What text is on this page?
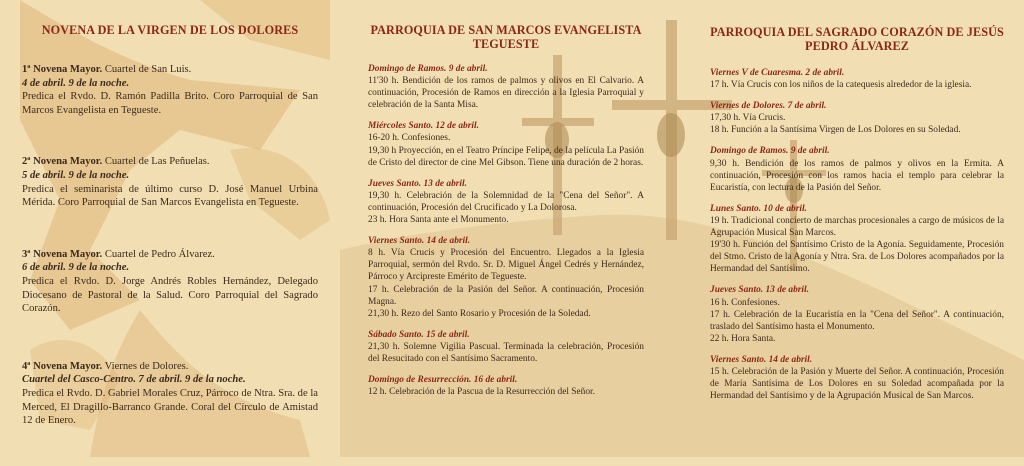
NOVENA DE LA VIRGEN DE LOS DOLORES

1ª Novena Mayor. Cuartel de San Luis.

4 de abril. 9 de la noche.

Predica el Rvdo. D. Ramón Padilla Brito. Coro Parroquial de San Marcos Evangelista en Tegueste.

2ª Novena Mayor. Cuartel de Las Peñuelas.

5 de abril. 9 de la noche.

Predica el seminarista de último curso D. José Manuel Urbina Mérida. Coro Parroquial de San Marcos Evangelista en Tegueste.

3ª Novena Mayor. Cuartel de Pedro Álvarez.

6 de abril. 9 de la noche.

Predica el Rvdo. D. Jorge Andrés Robles Hernández, Delegado Diocesano de Pastoral de la Salud. Coro Parroquial del Sagrado Corazón.

4ª Novena Mayor. Viernes de Dolores.

Cuartel del Casco-Centro. 7 de abril. 9 de la noche.

Predica el Rvdo. D. Gabriel Morales Cruz, Párroco de Ntra. Sra. de la Merced, El Dragillo-Barranco Grande. Coral del Círculo de Amistad 12 de Enero.

PARROQUIA DE SAN MARCOS EVANGELISTA TEGUESTE

Domingo de Ramos. 9 de abril.

11'30 h. Bendición de los ramos de palmos y olivos en El Calvario. A continuación, Procesión de Ramos en dirección a la Iglesia Parroquial y celebración de la Santa Misa.

Miércoles Santo. 12 de abril.

16-20 h. Confesiones.

19,30 h Proyección, en el Teatro Príncipe Felipe, de la película La Pasión de Cristo del director de cine Mel Gibson. Tiene una duración de 2 horas.

Jueves Santo. 13 de abril.

19,30 h. Celebración de la Solemnidad de la "Cena del Señor". A continuación, Procesión del Crucificado y La Dolorosa.

23 h. Hora Santa ante el Monumento.

Viernes Santo. 14 de abril.

8 h. Vía Crucis y Procesión del Encuentro. Llegados a la Iglesia Parroquial, sermón del Rvdo. Sr. D. Miguel Ángel Cedrés y Hernández, Párroco y Arcipreste Emérito de Tegueste.

17 h. Celebración de la Pasión del Señor. A continuación, Procesión Magna.

21,30 h. Rezo del Santo Rosario y Procesión de la Soledad.

Sábado Santo. 15 de abril.

21,30 h. Solemne Vigilia Pascual. Terminada la celebración, Procesión del Resucitado con el Santísimo Sacramento.

Domingo de Resurrección. 16 de abril.

12 h. Celebración de la Pascua de la Resurrección del Señor.

PARROQUIA DEL SAGRADO CORAZÓN DE JESÚS PEDRO ÁLVAREZ

Viernes V de Cuaresma. 2 de abril.

17 h. Vía Crucis con los niños de la catequesis alrededor de la iglesia.

Viernes de Dolores. 7 de abril.

17,30 h. Vía Crucis.

18 h. Función a la Santísima Virgen de Los Dolores en su Soledad.

Domingo de Ramos. 9 de abril.

9,30 h. Bendición de los ramos de palmos y olivos en la Ermita. A continuación, Procesión con los ramos hacia el templo para celebrar la Eucaristía, con lectura de la Pasión del Señor.

Lunes Santo. 10 de abril.

19 h. Tradicional concierto de marchas procesionales a cargo de músicos de la Agrupación Musical San Marcos.

19'30 h. Función del Santísimo Cristo de la Agonía. Seguidamente, Procesión del Stmo. Cristo de la Agonía y Ntra. Sra. de Los Dolores acompañados por la Hermandad del Santísimo.

Jueves Santo. 13 de abril.

16 h. Confesiones.

17 h. Celebración de la Eucaristía en la "Cena del Señor". A continuación, traslado del Santísimo hasta el Monumento.

22 h. Hora Santa.

Viernes Santo. 14 de abril.

15 h. Celebración de la Pasión y Muerte del Señor. A continuación, Procesión de María Santísima de Los Dolores en su Soledad acompañada por la Hermandad del Santísimo y de la Agrupación Musical de San Marcos.
